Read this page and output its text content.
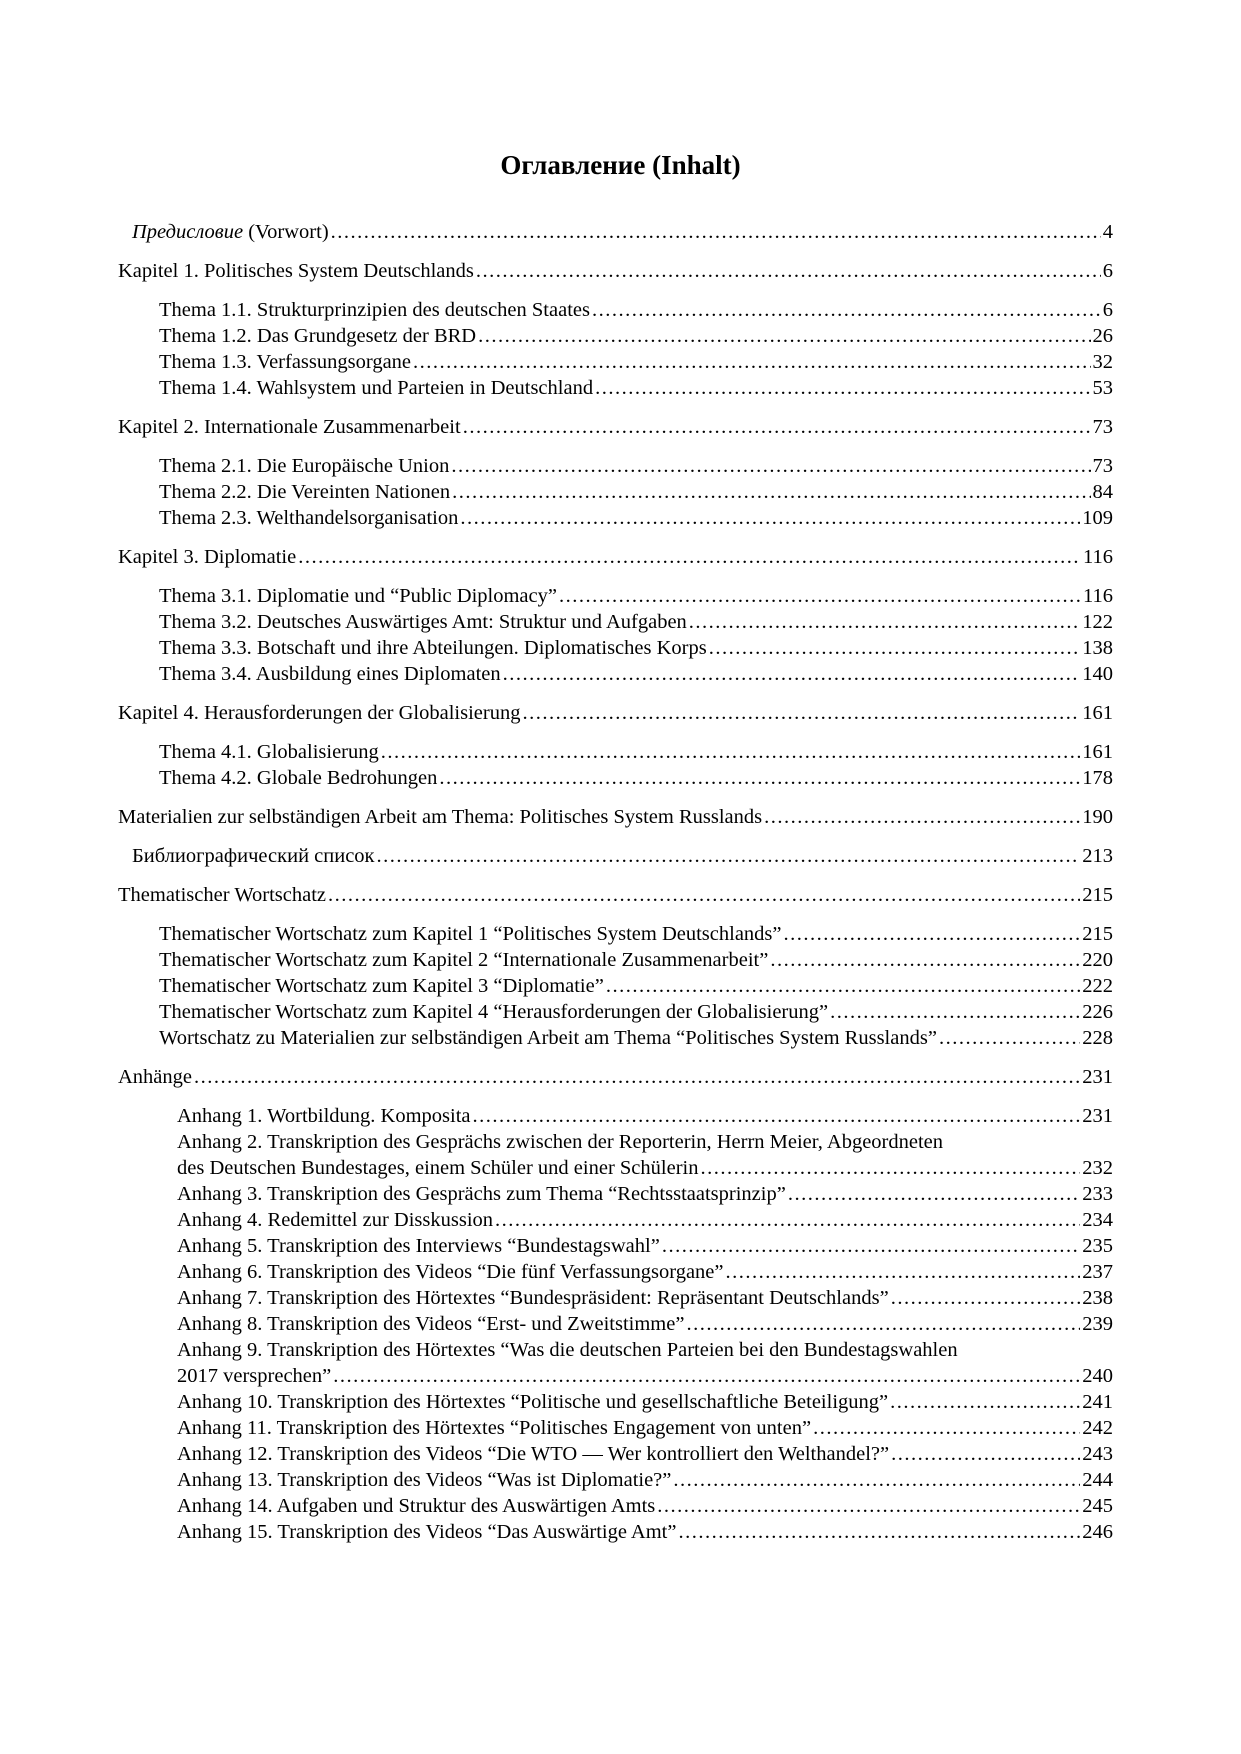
Оглавление (Inhalt)
Предисловие (Vorwort) .....	4
Kapitel 1. Politisches System Deutschlands .....	6
Thema 1.1. Strukturprinzipien des deutschen Staates .....	6
Thema 1.2. Das Grundgesetz der BRD .....	26
Thema 1.3. Verfassungsorgane .....	32
Thema 1.4. Wahlsystem und Parteien in Deutschland .....	53
Kapitel 2. Internationale Zusammenarbeit .....	73
Thema 2.1. Die Europäische Union .....	73
Thema 2.2. Die Vereinten Nationen .....	84
Thema 2.3. Welthandelsorganisation .....	109
Kapitel 3. Diplomatie .....	116
Thema 3.1. Diplomatie und “Public Diplomacy” .....	116
Thema 3.2. Deutsches Auswärtiges Amt: Struktur und Aufgaben .....	122
Thema 3.3. Botschaft und ihre Abteilungen. Diplomatisches Korps .....	138
Thema 3.4. Ausbildung eines Diplomaten .....	140
Kapitel 4. Herausforderungen der Globalisierung .....	161
Thema 4.1. Globalisierung .....	161
Thema 4.2. Globale Bedrohungen .....	178
Materialien zur selbständigen Arbeit am Thema: Politisches System Russlands .....	190
Библиографический список .....	213
Thematischer Wortschatz .....	215
Thematischer Wortschatz zum Kapitel 1 “Politisches System Deutschlands” .....	215
Thematischer Wortschatz zum Kapitel 2 “Internationale Zusammenarbeit” .....	220
Thematischer Wortschatz zum Kapitel 3 “Diplomatie” .....	222
Thematischer Wortschatz zum Kapitel 4 “Herausforderungen der Globalisierung” .....	226
Wortschatz zu Materialien zur selbständigen Arbeit am Thema “Politisches System Russlands” .....	228
Anhänge .....	231
Anhang 1. Wortbildung. Komposita .....	231
Anhang 2. Transkription des Gesprächs zwischen der Reporterin, Herrn Meier, Abgeordneten
des Deutschen Bundestages, einem Schüler und einer Schülerin .....	232
Anhang 3. Transkription des Gesprächs zum Thema “Rechtsstaatsprinzip” .....	233
Anhang 4. Redemittel zur Disskussion .....	234
Anhang 5. Transkription des Interviews “Bundestagswahl” .....	235
Anhang 6. Transkription des Videos “Die fünf Verfassungsorgane” .....	237
Anhang 7. Transkription des Hörtextes “Bundespräsident: Repräsentant Deutschlands” .....	238
Anhang 8. Transkription des Videos “Erst- und Zweitstimme” .....	239
Anhang 9. Transkription des Hörtextes “Was die deutschen Parteien bei den Bundestagswahlen
2017 versprechen” .....	240
Anhang 10. Transkription des Hörtextes “Politische und gesellschaftliche Beteiligung” .....	241
Anhang 11. Transkription des Hörtextes “Politisches Engagement von unten” .....	242
Anhang 12. Transkription des Videos “Die WTO — Wer kontrolliert den Welthandel?” .....	243
Anhang 13. Transkription des Videos “Was ist Diplomatie?” .....	244
Anhang 14. Aufgaben und Struktur des Auswärtigen Amts .....	245
Anhang 15. Transkription des Videos “Das Auswärtige Amt” .....	246
